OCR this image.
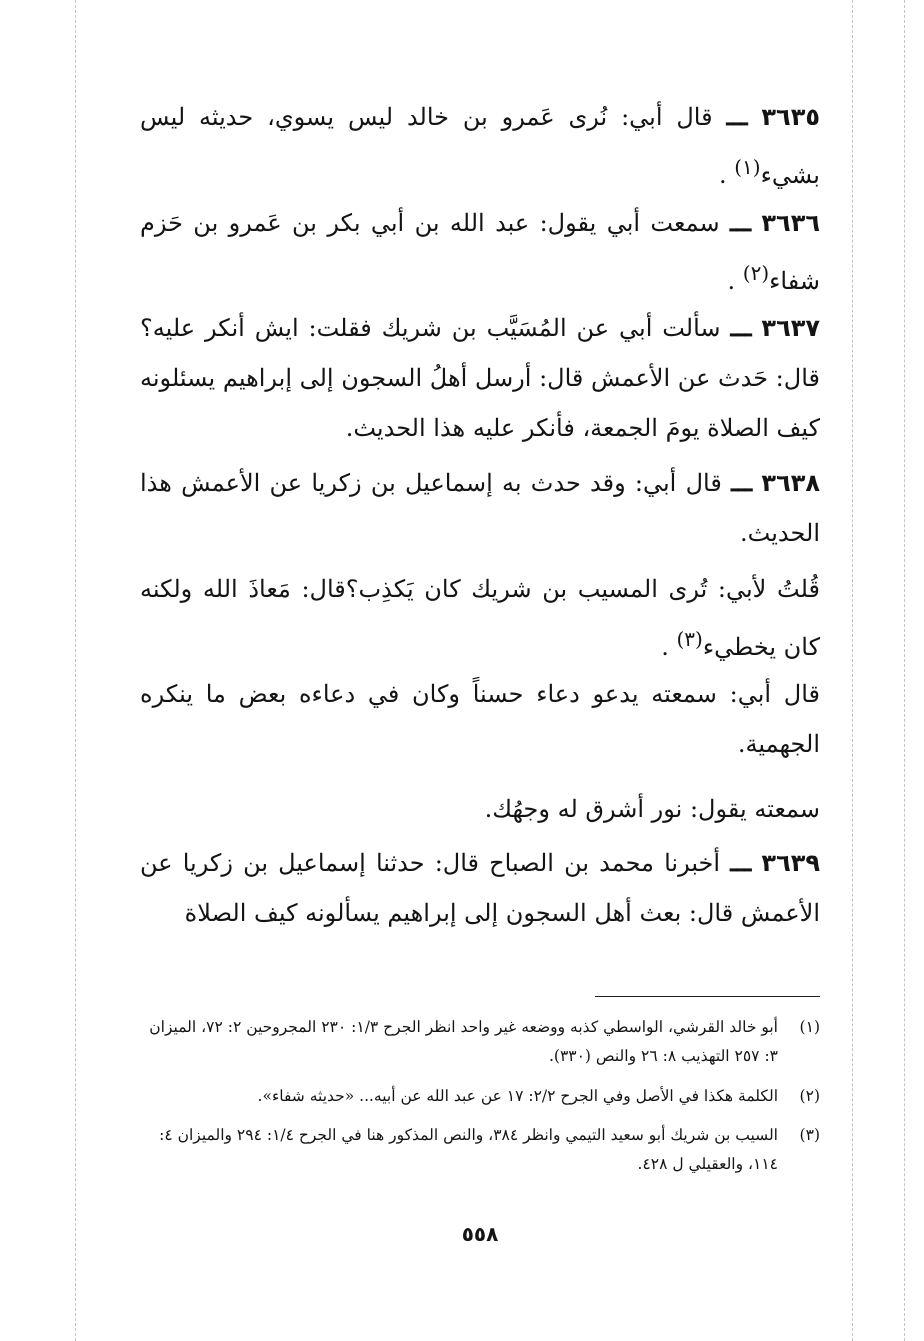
٣٦٣٥ ـــ قال أبي: نُرى عَمرو بن خالد ليس يسوي، حديثه ليس بشيء$^{(١)}$ .

٣٦٣٦ ـــ سمعت أبي يقول: عبد الله بن أبي بكر بن عَمرو بن حَزم شفاء$^{(٢)}$ .

٣٦٣٧ ـــ سألت أبي عن المُسَيَّب بن شريك فقلت: ايش أنكر عليه؟ قال: حَدث عن الأعمش قال: أرسل أهلُ السجون إلى إبراهيم يسئلونه كيف الصلاة يومَ الجمعة، فأنكر عليه هذا الحديث.

٣٦٣٨ ـــ قال أبي: وقد حدث به إسماعيل بن زكريا عن الأعمش هذا الحديث.

قُلتُ لأبي: تُرى المسيب بن شريك كان يَكذِب؟قال: مَعاذَ الله ولكنه كان يخطيء$^{(٣)}$ .

قال أبي: سمعته يدعو دعاء حسناً وكان في دعاءه بعض ما ينكره الجهمية.

سمعته يقول: نور أشرق له وجهُك.

٣٦٣٩ ـــ أخبرنا محمد بن الصباح قال: حدثنا إسماعيل بن زكريا عن الأعمش قال: بعث أهل السجون إلى إبراهيم يسألونه كيف الصلاة

(١)
أبو خالد القرشي، الواسطي كذبه ووضعه غير واحد انظر الجرح ١/٣: ٢٣٠ المجروحين ٢: ٧٢، الميزان ٣: ٢٥٧ التهذيب ٨: ٢٦ والنص (٣٣٠).
(٢)
الكلمة هكذا في الأصل وفي الجرح ٢/٢: ١٧ عن عبد الله عن أبيه... «حديثه شفاء».
(٣)
السيب بن شريك أبو سعيد التيمي وانظر ٣٨٤، والنص المذكور هنا في الجرح ١/٤: ٢٩٤ والميزان ٤: ١١٤، والعقيلي ل ٤٢٨.
٥٥٨
